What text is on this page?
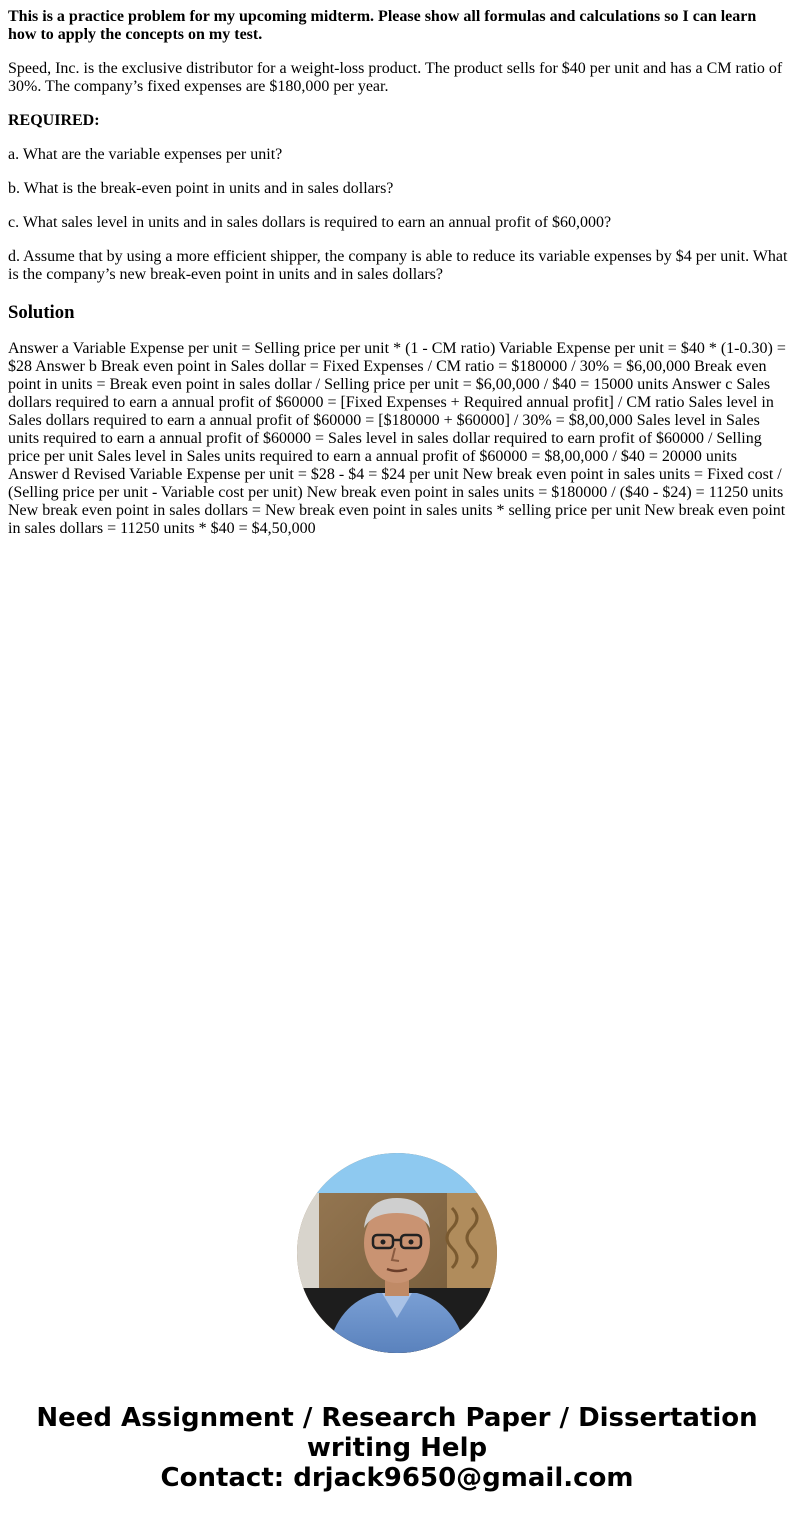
This is a practice problem for my upcoming midterm. Please show all formulas and calculations so I can learn how to apply the concepts on my test.

Speed, Inc. is the exclusive distributor for a weight-loss product. The product sells for $40 per unit and has a CM ratio of 30%. The company’s fixed expenses are $180,000 per year.

REQUIRED:

a. What are the variable expenses per unit?

b. What is the break-even point in units and in sales dollars?

c. What sales level in units and in sales dollars is required to earn an annual profit of $60,000?

d. Assume that by using a more efficient shipper, the company is able to reduce its variable expenses by $4 per unit. What is the company’s new break-even point in units and in sales dollars?

Solution

Answer a Variable Expense per unit = Selling price per unit * (1 - CM ratio) Variable Expense per unit = $40 * (1-0.30) = $28 Answer b Break even point in Sales dollar = Fixed Expenses / CM ratio = $180000 / 30% = $6,00,000 Break even point in units = Break even point in sales dollar / Selling price per unit = $6,00,000 / $40 = 15000 units Answer c Sales dollars required to earn a annual profit of $60000 = [Fixed Expenses + Required annual profit] / CM ratio Sales level in Sales dollars required to earn a annual profit of $60000 = [$180000 + $60000] / 30% = $8,00,000 Sales level in Sales units required to earn a annual profit of $60000 = Sales level in sales dollar required to earn profit of $60000 / Selling price per unit Sales level in Sales units required to earn a annual profit of $60000 = $8,00,000 / $40 = 20000 units Answer d Revised Variable Expense per unit = $28 - $4 = $24 per unit New break even point in sales units = Fixed cost / (Selling price per unit - Variable cost per unit) New break even point in sales units = $180000 / ($40 - $24) = 11250 units New break even point in sales dollars = New break even point in sales units * selling price per unit New break even point in sales dollars = 11250 units * $40 = $4,50,000

Need Assignment / Research Paper / Dissertation
writing Help
Contact: drjack9650@gmail.com
